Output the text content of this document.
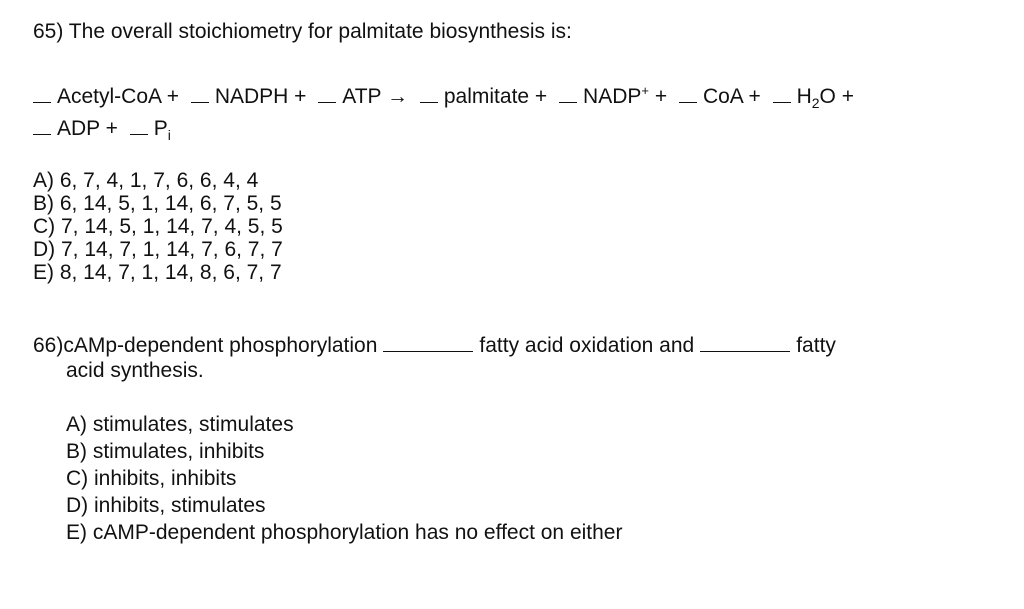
65) The overall stoichiometry for palmitate biosynthesis is:
Acetyl-CoA + NADPH + ATP → palmitate + NADP+ + CoA + $H_2O$ +
ADP + $P_i$
A) 6, 7, 4, 1, 7, 6, 6, 4, 4
B) 6, 14, 5, 1, 14, 6, 7, 5, 5
C) 7, 14, 5, 1, 14, 7, 4, 5, 5
D) 7, 14, 7, 1, 14, 7, 6, 7, 7
E) 8, 14, 7, 1, 14, 8, 6, 7, 7
66)cAMp-dependent phosphorylation	fatty acid oxidation and	fatty
acid synthesis.
A) stimulates, stimulates
B) stimulates, inhibits
C) inhibits, inhibits
D) inhibits, stimulates
E) cAMP-dependent phosphorylation has no effect on either
